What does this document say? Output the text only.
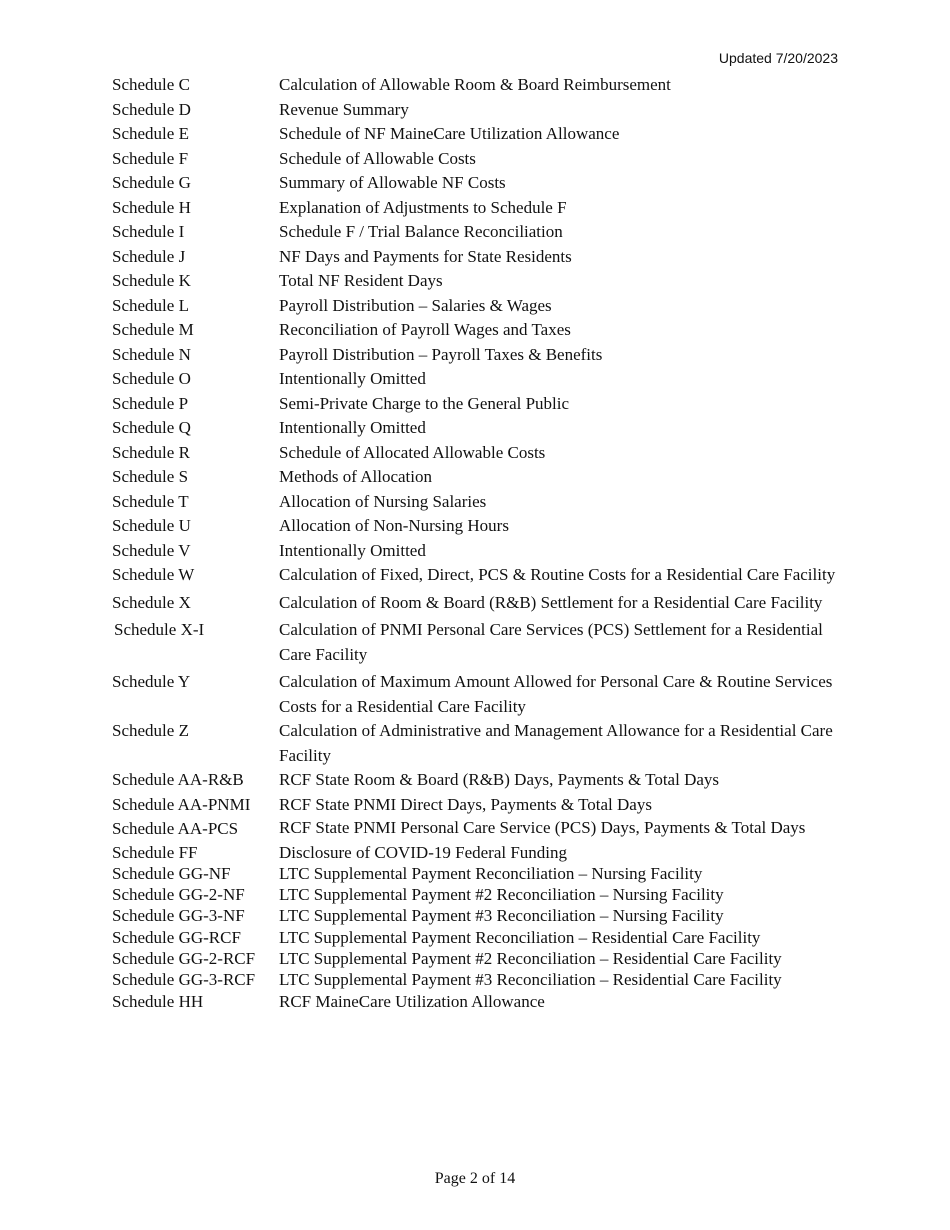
Updated 7/20/2023
Schedule C	Calculation of Allowable Room & Board Reimbursement
Schedule D	Revenue Summary
Schedule E	Schedule of NF MaineCare Utilization Allowance
Schedule F	Schedule of Allowable Costs
Schedule G	Summary of Allowable NF Costs
Schedule H	Explanation of Adjustments to Schedule F
Schedule I	Schedule F / Trial Balance Reconciliation
Schedule J	NF Days and Payments for State Residents
Schedule K	Total NF Resident Days
Schedule L	Payroll Distribution – Salaries & Wages
Schedule M	Reconciliation of Payroll Wages and Taxes
Schedule N	Payroll Distribution – Payroll Taxes & Benefits
Schedule O	Intentionally Omitted
Schedule P	Semi-Private Charge to the General Public
Schedule Q	Intentionally Omitted
Schedule R	Schedule of Allocated Allowable Costs
Schedule S	Methods of Allocation
Schedule T	Allocation of Nursing Salaries
Schedule U	Allocation of Non-Nursing Hours
Schedule V	Intentionally Omitted
Schedule W	Calculation of Fixed, Direct, PCS & Routine Costs for a Residential Care Facility
Schedule X	Calculation of Room & Board (R&B) Settlement for a Residential Care Facility
Schedule X-I	Calculation of PNMI Personal Care Services (PCS) Settlement for a Residential Care Facility
Schedule Y	Calculation of Maximum Amount Allowed for Personal Care & Routine Services Costs for a Residential Care Facility
Schedule Z	Calculation of Administrative and Management Allowance for a Residential Care Facility
Schedule AA-R&B	RCF State Room & Board (R&B) Days, Payments & Total Days
Schedule AA-PNMI	RCF State PNMI Direct Days, Payments & Total Days
Schedule AA-PCS	RCF State PNMI Personal Care Service (PCS) Days, Payments & Total Days
Schedule FF	Disclosure of COVID-19 Federal Funding
Schedule GG-NF	LTC Supplemental Payment Reconciliation – Nursing Facility
Schedule GG-2-NF	LTC Supplemental Payment #2 Reconciliation – Nursing Facility
Schedule GG-3-NF	LTC Supplemental Payment #3 Reconciliation – Nursing Facility
Schedule GG-RCF	LTC Supplemental Payment Reconciliation – Residential Care Facility
Schedule GG-2-RCF	LTC Supplemental Payment #2 Reconciliation – Residential Care Facility
Schedule GG-3-RCF	LTC Supplemental Payment #3 Reconciliation – Residential Care Facility
Schedule HH	RCF MaineCare Utilization Allowance
Page 2 of 14
